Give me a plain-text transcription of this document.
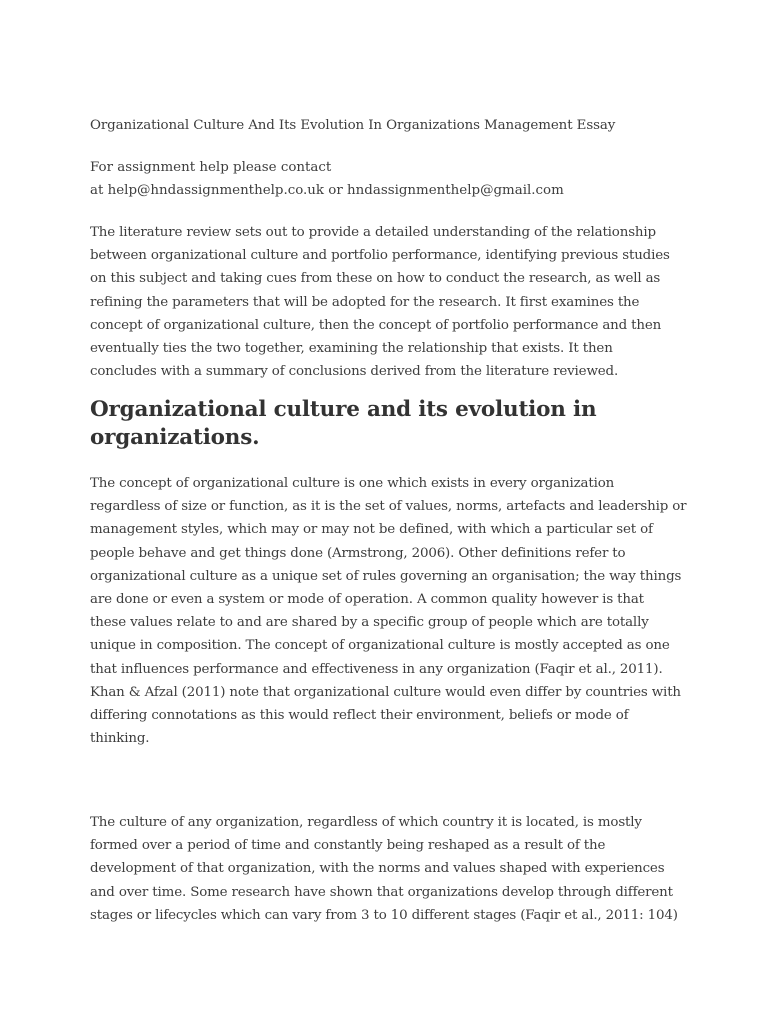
Organizational Culture And Its Evolution In Organizations Management Essay
For assignment help please contact
at help@hndassignmenthelp.co.uk or hndassignmenthelp@gmail.com
The literature review sets out to provide a detailed understanding of the relationship
between organizational culture and portfolio performance, identifying previous studies
on this subject and taking cues from these on how to conduct the research, as well as
refining the parameters that will be adopted for the research. It first examines the
concept of organizational culture, then the concept of portfolio performance and then
eventually ties the two together, examining the relationship that exists. It then
concludes with a summary of conclusions derived from the literature reviewed.
Organizational culture and its evolution in
organizations.
The concept of organizational culture is one which exists in every organization
regardless of size or function, as it is the set of values, norms, artefacts and leadership or
management styles, which may or may not be defined, with which a particular set of
people behave and get things done (Armstrong, 2006). Other definitions refer to
organizational culture as a unique set of rules governing an organisation; the way things
are done or even a system or mode of operation. A common quality however is that
these values relate to and are shared by a specific group of people which are totally
unique in composition. The concept of organizational culture is mostly accepted as one
that influences performance and effectiveness in any organization (Faqir et al., 2011).
Khan & Afzal (2011) note that organizational culture would even differ by countries with
differing connotations as this would reflect their environment, beliefs or mode of
thinking.
The culture of any organization, regardless of which country it is located, is mostly
formed over a period of time and constantly being reshaped as a result of the
development of that organization, with the norms and values shaped with experiences
and over time. Some research have shown that organizations develop through different
stages or lifecycles which can vary from 3 to 10 different stages (Faqir et al., 2011: 104)
